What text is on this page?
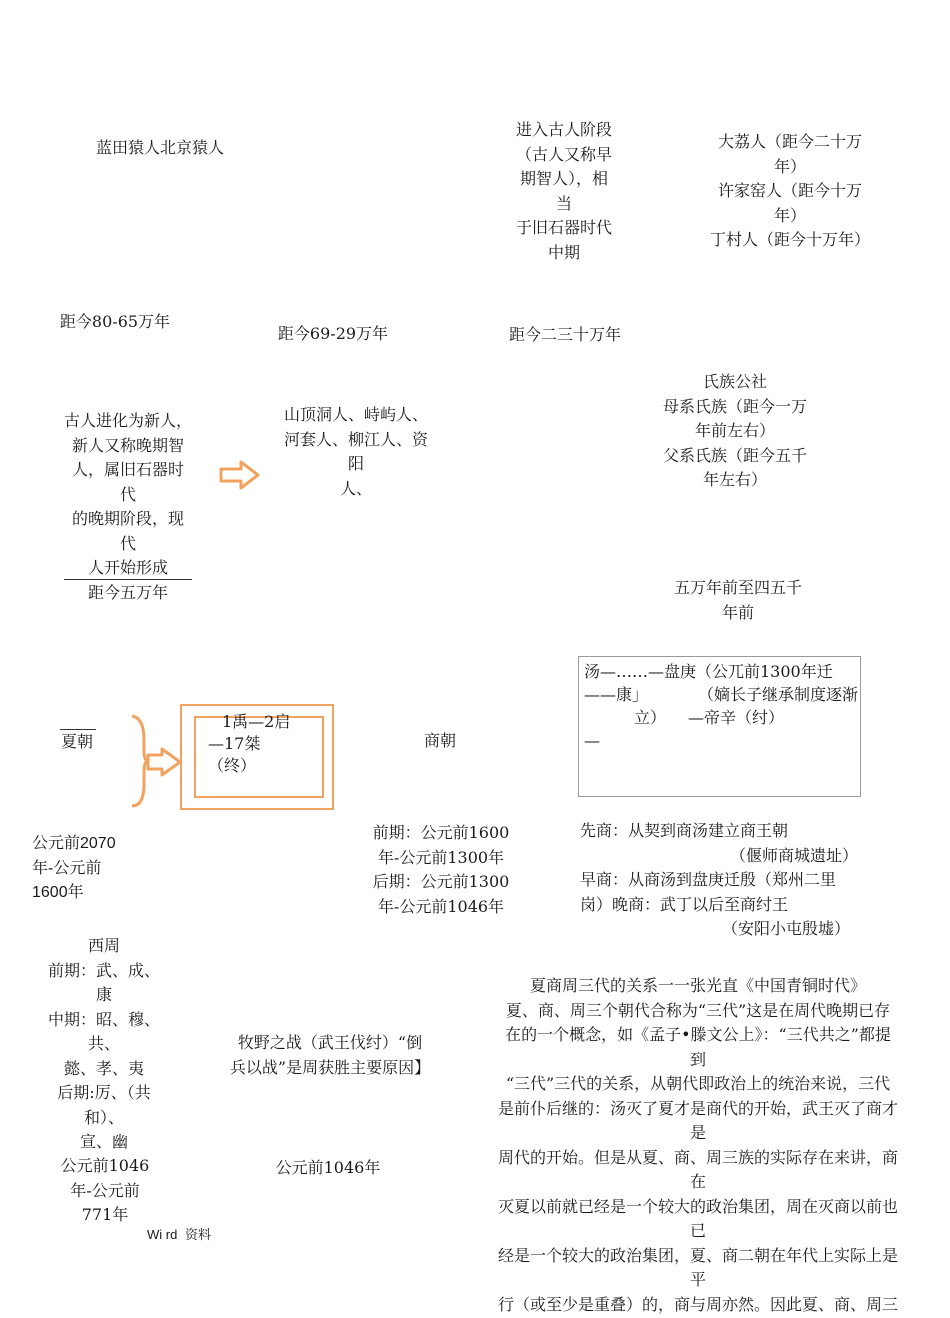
蓝田猿人北京猿人
进入古人阶段
（古人又称早
期智人），相
当
于旧石器时代
中期
大荔人（距今二十万
年）
许家窑人（距今十万
年）
丁村人（距今十万年）
距今80-65万年
距今69-29万年	距今二三十万年
古人进化为新人，
新人又称晚期智
人，属旧石器时
代
的晚期阶段，现
代
人开始形成
距今五万年
山顶洞人、峙屿人、
河套人、柳江人、资
阳
人、
氏族公社
母系氏族（距今一万
年前左右）
父系氏族（距今五千
年左右）
五万年前至四五千
年前
夏朝
1禹—2启
—17桀
（终）
公元前2070
年-公元前
1600年
商朝
汤—……—盘庚（公兀前1300年迁
——康」	（嫡长子继承制度逐渐
立） —帝辛（纣）
—
前期：公元前1600
年-公元前1300年
后期：公元前1300
年-公元前1046年
先商：从契到商汤建立商王朝
（偃师商城遗址）
早商：从商汤到盘庚迁殷（郑州二里
岗）晚商：武丁以后至商纣王
（安阳小屯殷墟）
西周
前期：武、成、
康
中期：昭、穆、
共、
懿、孝、夷
后期:厉、（共
和）、
宣、幽
公元前1046
年-公元前
771年
牧野之战（武王伐纣）“倒
兵以战”是周获胜主要原因】
公元前1046年
夏商周三代的关系一一张光直《中国青铜时代》
夏、商、周三个朝代合称为“三代”这是在周代晚期已存
在的一个概念，如《孟子•滕文公上》：“三代共之”都提
到
“三代”三代的关系，从朝代即政治上的统治来说，三代
是前仆后继的：汤灭了夏才是商代的开始，武王灭了商才
是
周代的开始。但是从夏、商、周三族的实际存在来讲，商
在
灭夏以前就已经是一个较大的政治集团，周在灭商以前也
已
经是一个较大的政治集团，夏、商二朝在年代上实际上是
平
行（或至少是重叠）的，商与周亦然。因此夏、商、周三
Wi rd 资料
